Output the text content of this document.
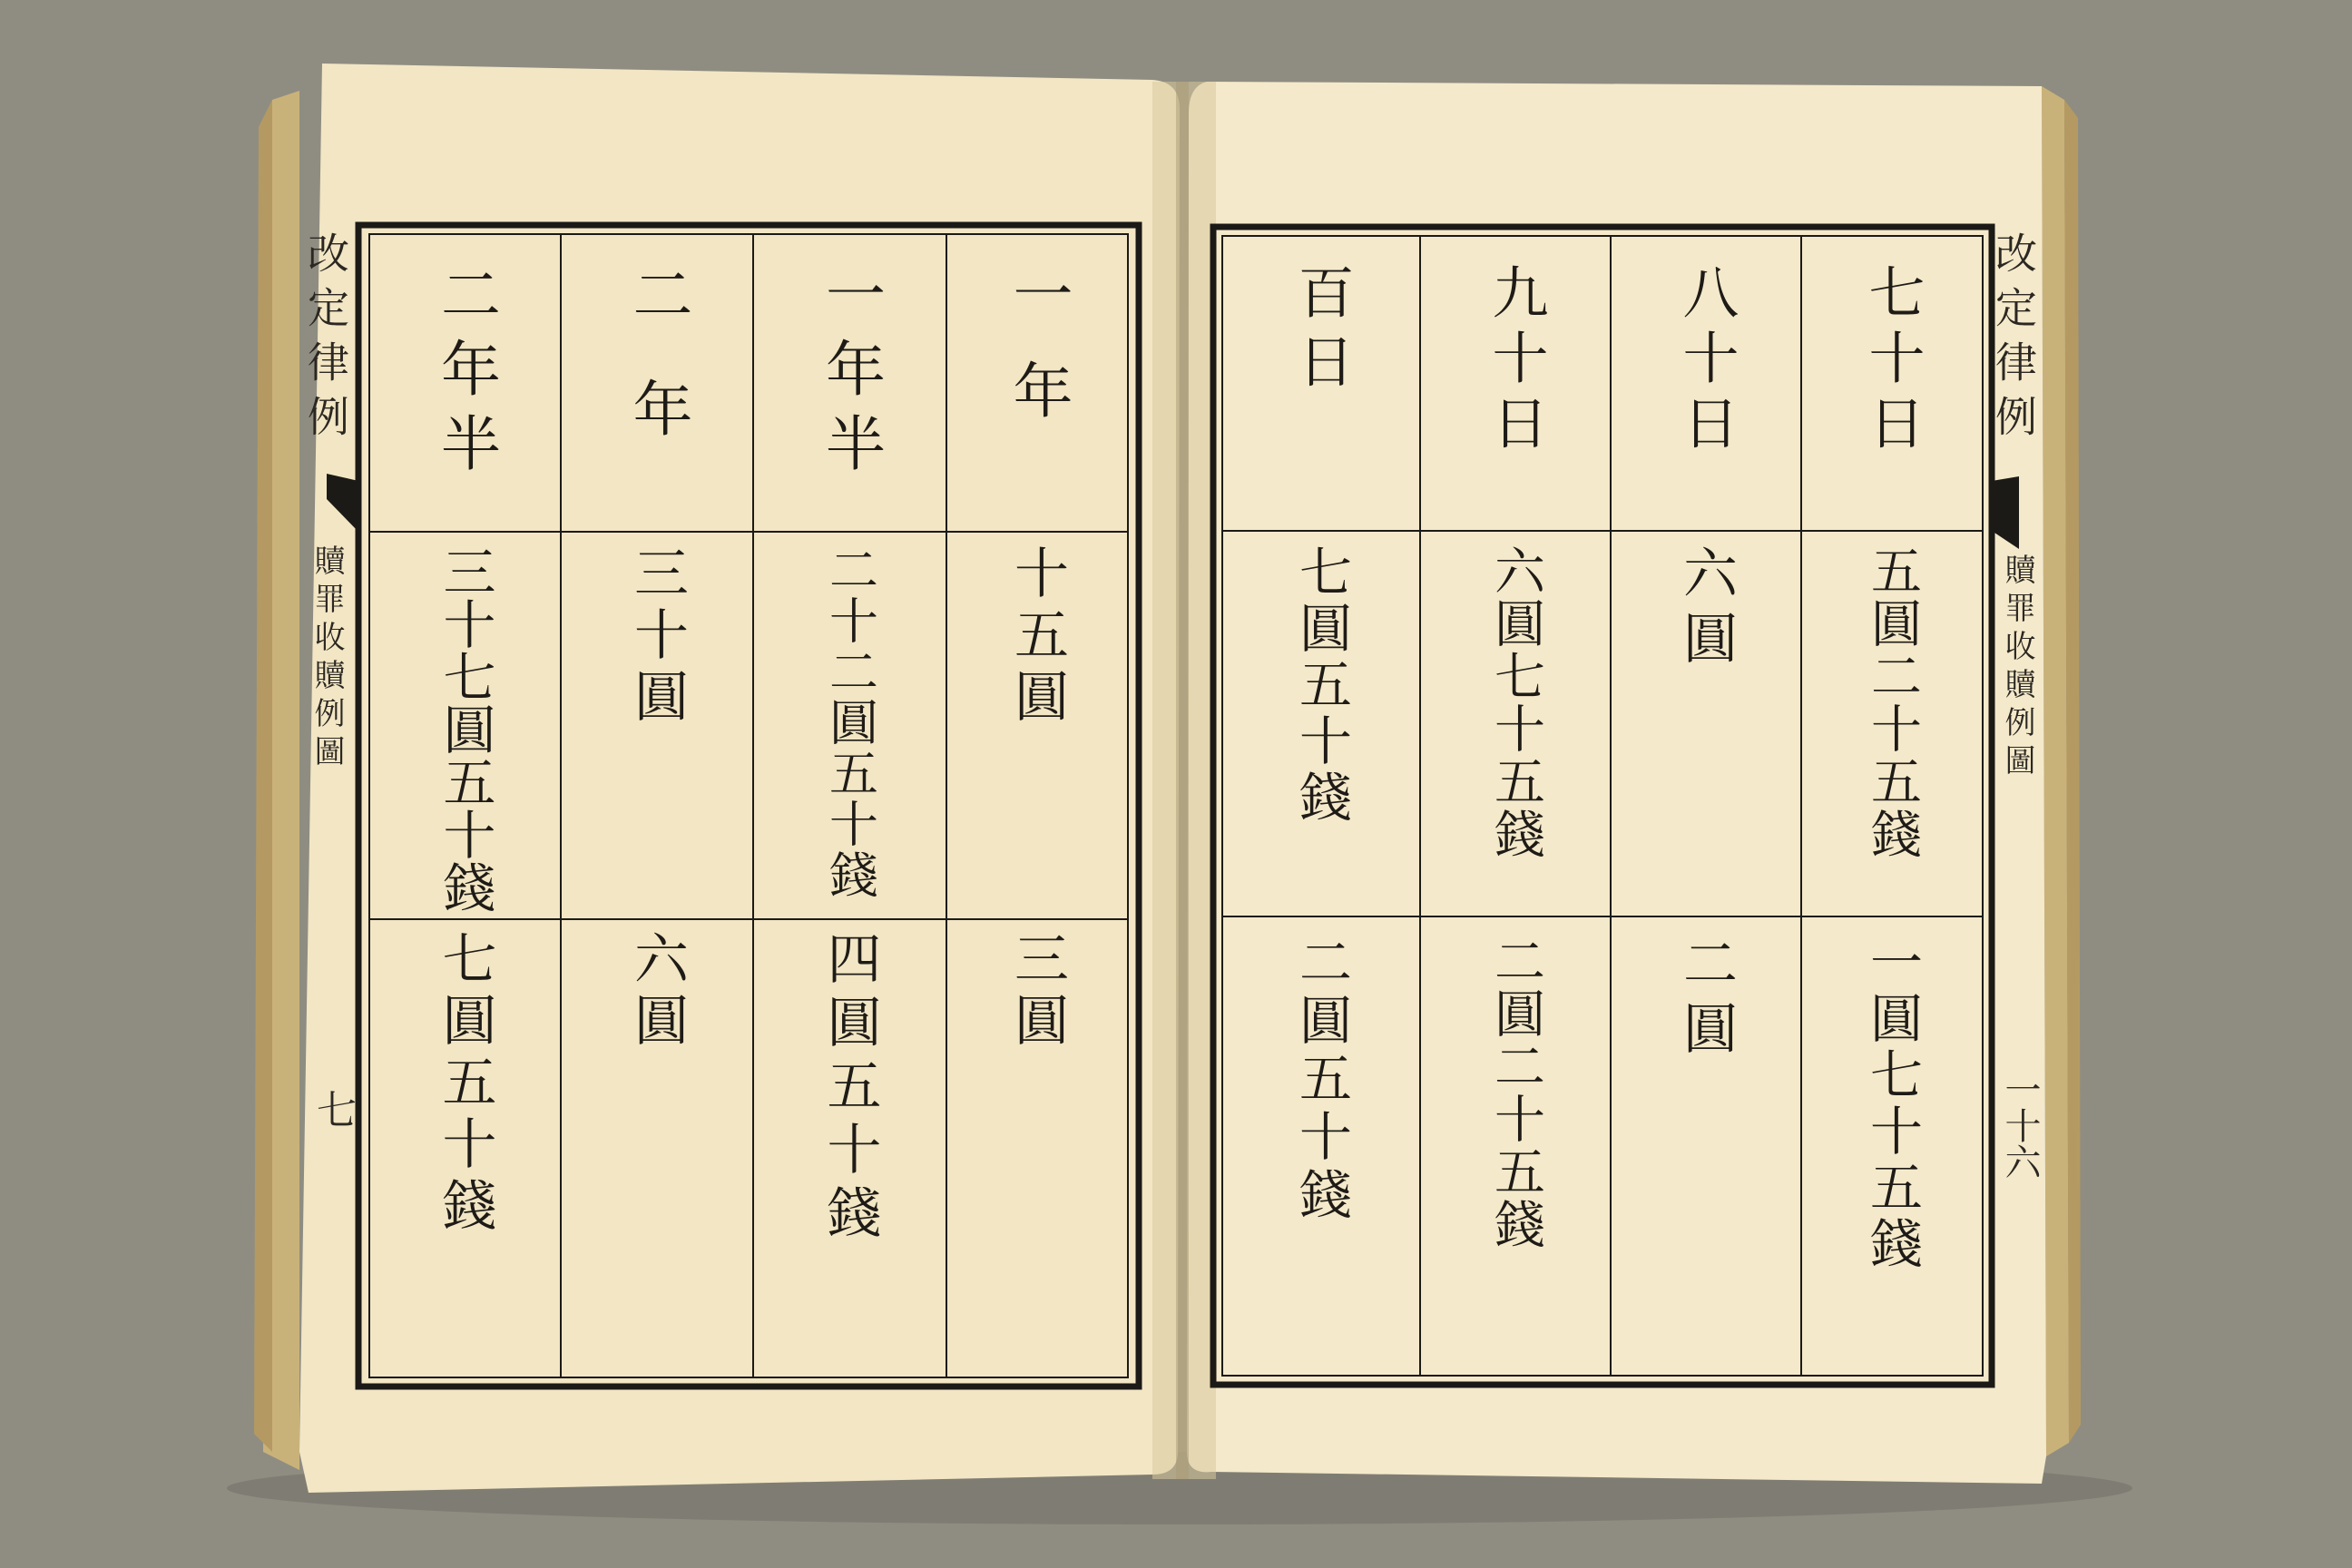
改定律例
贖罪收贖例圖
七
一年
十五圓
三圓
一年半
二十二圓五十錢
四圓五十錢
二年
三十圓
六圓
二年半
三十七圓五十錢
七圓五十錢
改定律例
贖罪收贖例圖
一十六
七十日
五圓二十五錢
一圓七十五錢
八十日
六圓
二圓
九十日
六圓七十五錢
二圓二十五錢
百日
七圓五十錢
二圓五十錢
